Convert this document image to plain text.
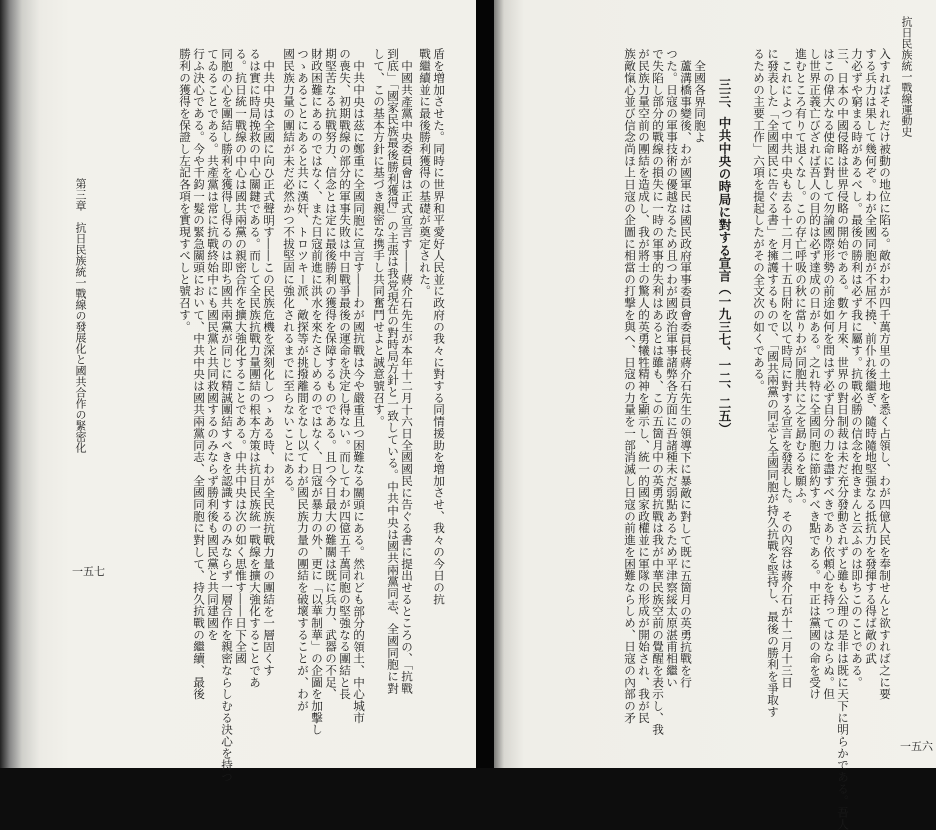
抗日民族統一戰線運動史
一五六
入すればそれだけ被動の地位に陷る。敵がわが四千萬方里の土地を悉く占領し、わが四億人民を奉制せんと欲すれば之に要
する兵力は果して幾何ぞ。わが全國同胞が不屈不撓、前仆れ後繼ぎ、隨時隨地堅强なる抵抗力を發揮する得ば敵の武
力必ずや窮まる時があるべし。最後の勝利は必ず我に屬す。抗戰必勝の信念を抱きまんと云ふのは即ちこのことである。
三、日本の中國侵略は世界侵略の開始である。數ケ月來、世界の對日制裁は未だ充分發動されずと雖も公理の是非は既に天下に明らかである。吾人
はこの偉大なる使命に對して勿論國際形勢の前途如何を問はず必ず自分の力を盡すべきであり依頼心を持ってはならぬ。但
し世界正義亡びざれば吾人の目的は必ず達成の日がある。之れ特に全國同胞に節約すべき點である。中正は黨國の命を受け
進むところ有りて退くなし。この存亡呼吸の秋に當りわが同胞共に之を勗むるを願ふ。
これによつて中共中央も去る十二月二十五日附を以て時局に對する宣言を發表した。その內容は蔣介石が十二月十三日
に發表した「全國國民に告ぐる書」を擁護するもので、「國共兩黨の同志と全國同胞が持久抗戰を堅持し、最後の勝利を爭取す
るための主要工作」六項を提起したがその全文次の如くである。
三三、中共中央の時局に對する宣言（一九三七、一二、二五）
全國各界同胞よ
蘆溝橋事變後、わが國軍民は國民政府軍事委員會委員長蔣介石先生の領導下に暴敵に對して既に五箇月の英勇抗戰を行
つた。日寇の軍事技術の優越なるため且つわが國政治軍事諸弊各方面に吾諸種未だ弱點あるため平津察綏太原湛甫相繼い
で失陷し部分的戰線の損失に一時の軍事的失利はあるとは雖も、この五箇月中の英勇抗戰は我が中華民族空前の覺醒を表示し、我
が民族力量空前の團結を造成し、我が將士の驚人的英勇犧牲精神を顯示し、統一的國家政權並に軍隊の形成が開始され、我が民
族敵愾心並び信念尚ほ上日寇の企圖に相當の打撃を與へ、日寇の力量を一部消滅し日寇の前進を困難ならしめ、日寇の內部の矛
一五七
第三章　抗日民族統一戰線の發展化と國共合作の緊密化	盾を増加させた。同時に世界和平愛好人民並に政府の我々に對する同情援助を増加させ、我々の今日の抗
戰繼續並に最後勝利獲得の基礎が奠定された。
中國共產黨中央委員會は正式宣言す――蔣介石先生が本年十二月十六日全國國民に告ぐる書に提出せるところの、「抗戰
到底」「國家民族最後勝利獲得」の主張は我党現在の對時局方針と一致している。中共中央は國共兩黨同志、全國同胞に對
して、この基本方針に基づき親密な携手し共同奮鬥せよと誠意號召す。
中共中央は茲に鄭重に全國同胞に宣言す――わが國抗戰は今や嚴重且つ困難なる關頭にある。然れども部分的領土、中心城市
の喪失、初期戰線の部分的軍事失敗は中日戰爭最後の運命を決定し得ない。而してわが四億五千萬同胞の堅強なる團結と長
期堅苦なる抗戰努力、信念とは定に最後勝利の獲得を保障するものである。且つ今日最大の難關は既に兵力、武器の不足、
財政困難にあるのではなく、また日寇前進に洪水を來たさしめるのではなく、日寇が暴力の外、更に「以華制華」の企圖を加擊し
つゝあることにあると共に漢奸、トロツキー派、敵探等が挑撥離間をなし以てわが國民族力量の團結を破壞することが、わが
國民族力量の團結が未だ必然かつ不拔堅固に強化されるまでに至らないことにある。
中共中央は全國に向ひ正式聲明す――この民族危機を深刻化しつゝある時、わが全民族抗戰力量の團結を一層固くす
るは實に時局挽救の中心關鍵である。而して全民族抗戰力量團結の根本方策は抗日民族統一戰線を擴大強化することであ
る。抗日統一戰線の中心は國共兩黨の親密合作を擴大強化することである。中共中央は次の如く思惟す――日下全國
同胞の心を團結し勝利を獲得し得るのは即ち國共兩黨が同じに精誠團結すべきを認識するのみならず一層合作を親密ならしむる決心を持つ
てゐることである。共產黨は常に抗戰終始中にも國民黨と共同救國するのみならず勝利後も國民黨と共同建國を
行ふ決心である。今や千鈞一髮の緊急關頭において、中共中央は國共兩黨同志、全國同胞に對して、持久抗戰の繼續、最後
勝利の獲得を保證し左記各項を實現すべしと號召す。
